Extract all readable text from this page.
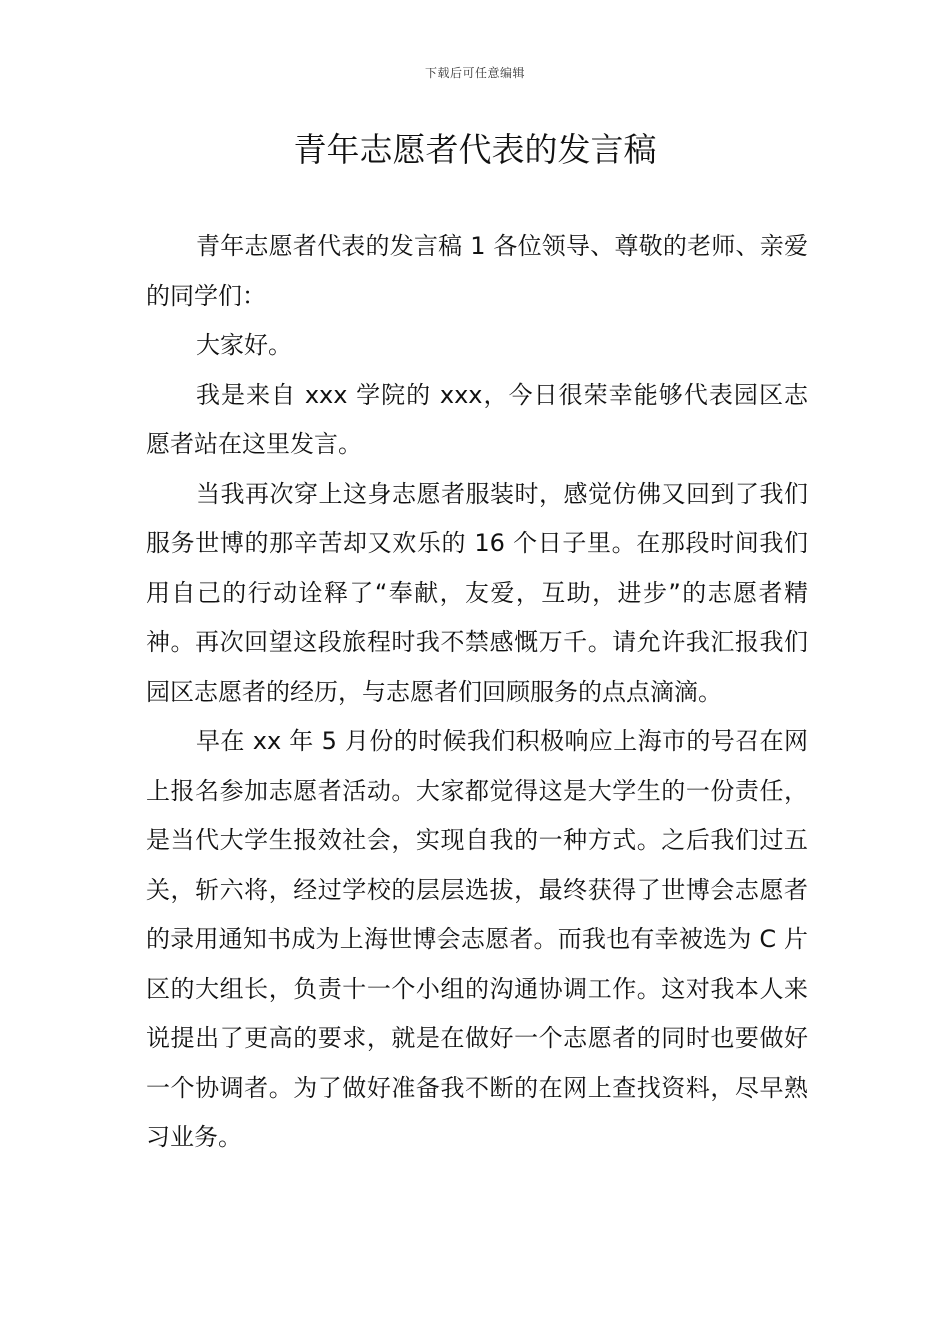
下载后可任意编辑
青年志愿者代表的发言稿

青年志愿者代表的发言稿 1 各位领导、尊敬的老师、亲爱的同学们：

大家好。

我是来自 xxx 学院的 xxx，今日很荣幸能够代表园区志愿者站在这里发言。

当我再次穿上这身志愿者服装时，感觉仿佛又回到了我们服务世博的那辛苦却又欢乐的 16 个日子里。在那段时间我们用自己的行动诠释了“奉献，友爱，互助，进步”的志愿者精神。再次回望这段旅程时我不禁感慨万千。请允许我汇报我们园区志愿者的经历，与志愿者们回顾服务的点点滴滴。

早在 xx 年 5 月份的时候我们积极响应上海市的号召在网上报名参加志愿者活动。大家都觉得这是大学生的一份责任，是当代大学生报效社会，实现自我的一种方式。之后我们过五关，斩六将，经过学校的层层选拔，最终获得了世博会志愿者的录用通知书成为上海世博会志愿者。而我也有幸被选为 C 片区的大组长，负责十一个小组的沟通协调工作。这对我本人来说提出了更高的要求，就是在做好一个志愿者的同时也要做好一个协调者。为了做好准备我不断的在网上查找资料，尽早熟习业务。
